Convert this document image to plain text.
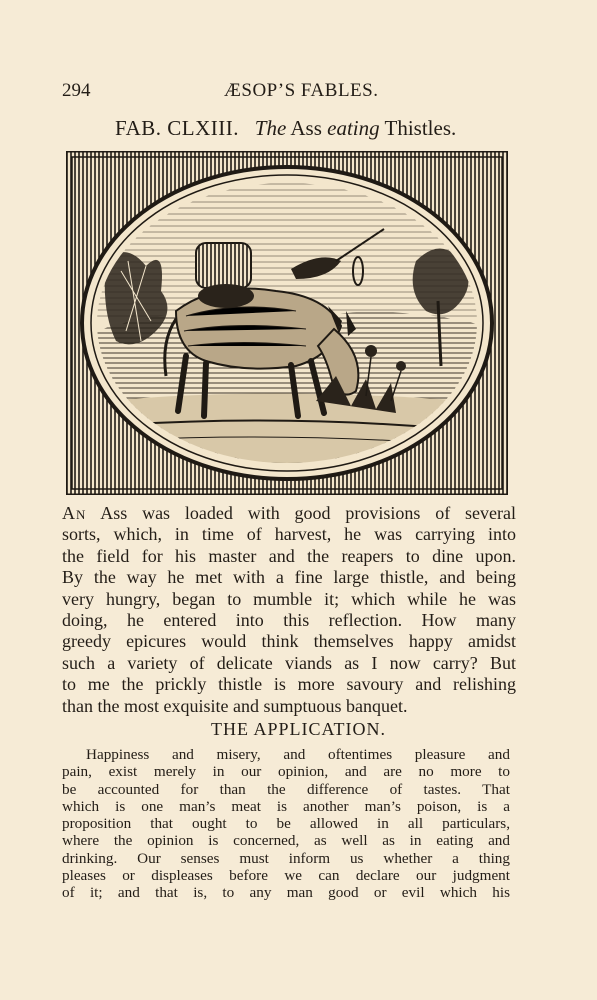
294	ÆSOP’S FABLES.
FAB. CLXIII. The Ass eating Thistles.

An Ass was loaded with good provisions of several
sorts, which, in time of harvest, he was carrying into
the field for his master and the reapers to dine upon.
By the way he met with a fine large thistle, and being
very hungry, began to mumble it; which while he was
doing, he entered into this reflection. How many
greedy epicures would think themselves happy amidst
such a variety of delicate viands as I now carry? But
to me the prickly thistle is more savoury and relishing
than the most exquisite and sumptuous banquet.

THE APPLICATION.

Happiness and misery, and oftentimes pleasure and
pain, exist merely in our opinion, and are no more to
be accounted for than the difference of tastes. That
which is one man’s meat is another man’s poison, is a
proposition that ought to be allowed in all particulars,
where the opinion is concerned, as well as in eating and
drinking. Our senses must inform us whether a thing
pleases or displeases before we can declare our judgment
of it; and that is, to any man good or evil which his
